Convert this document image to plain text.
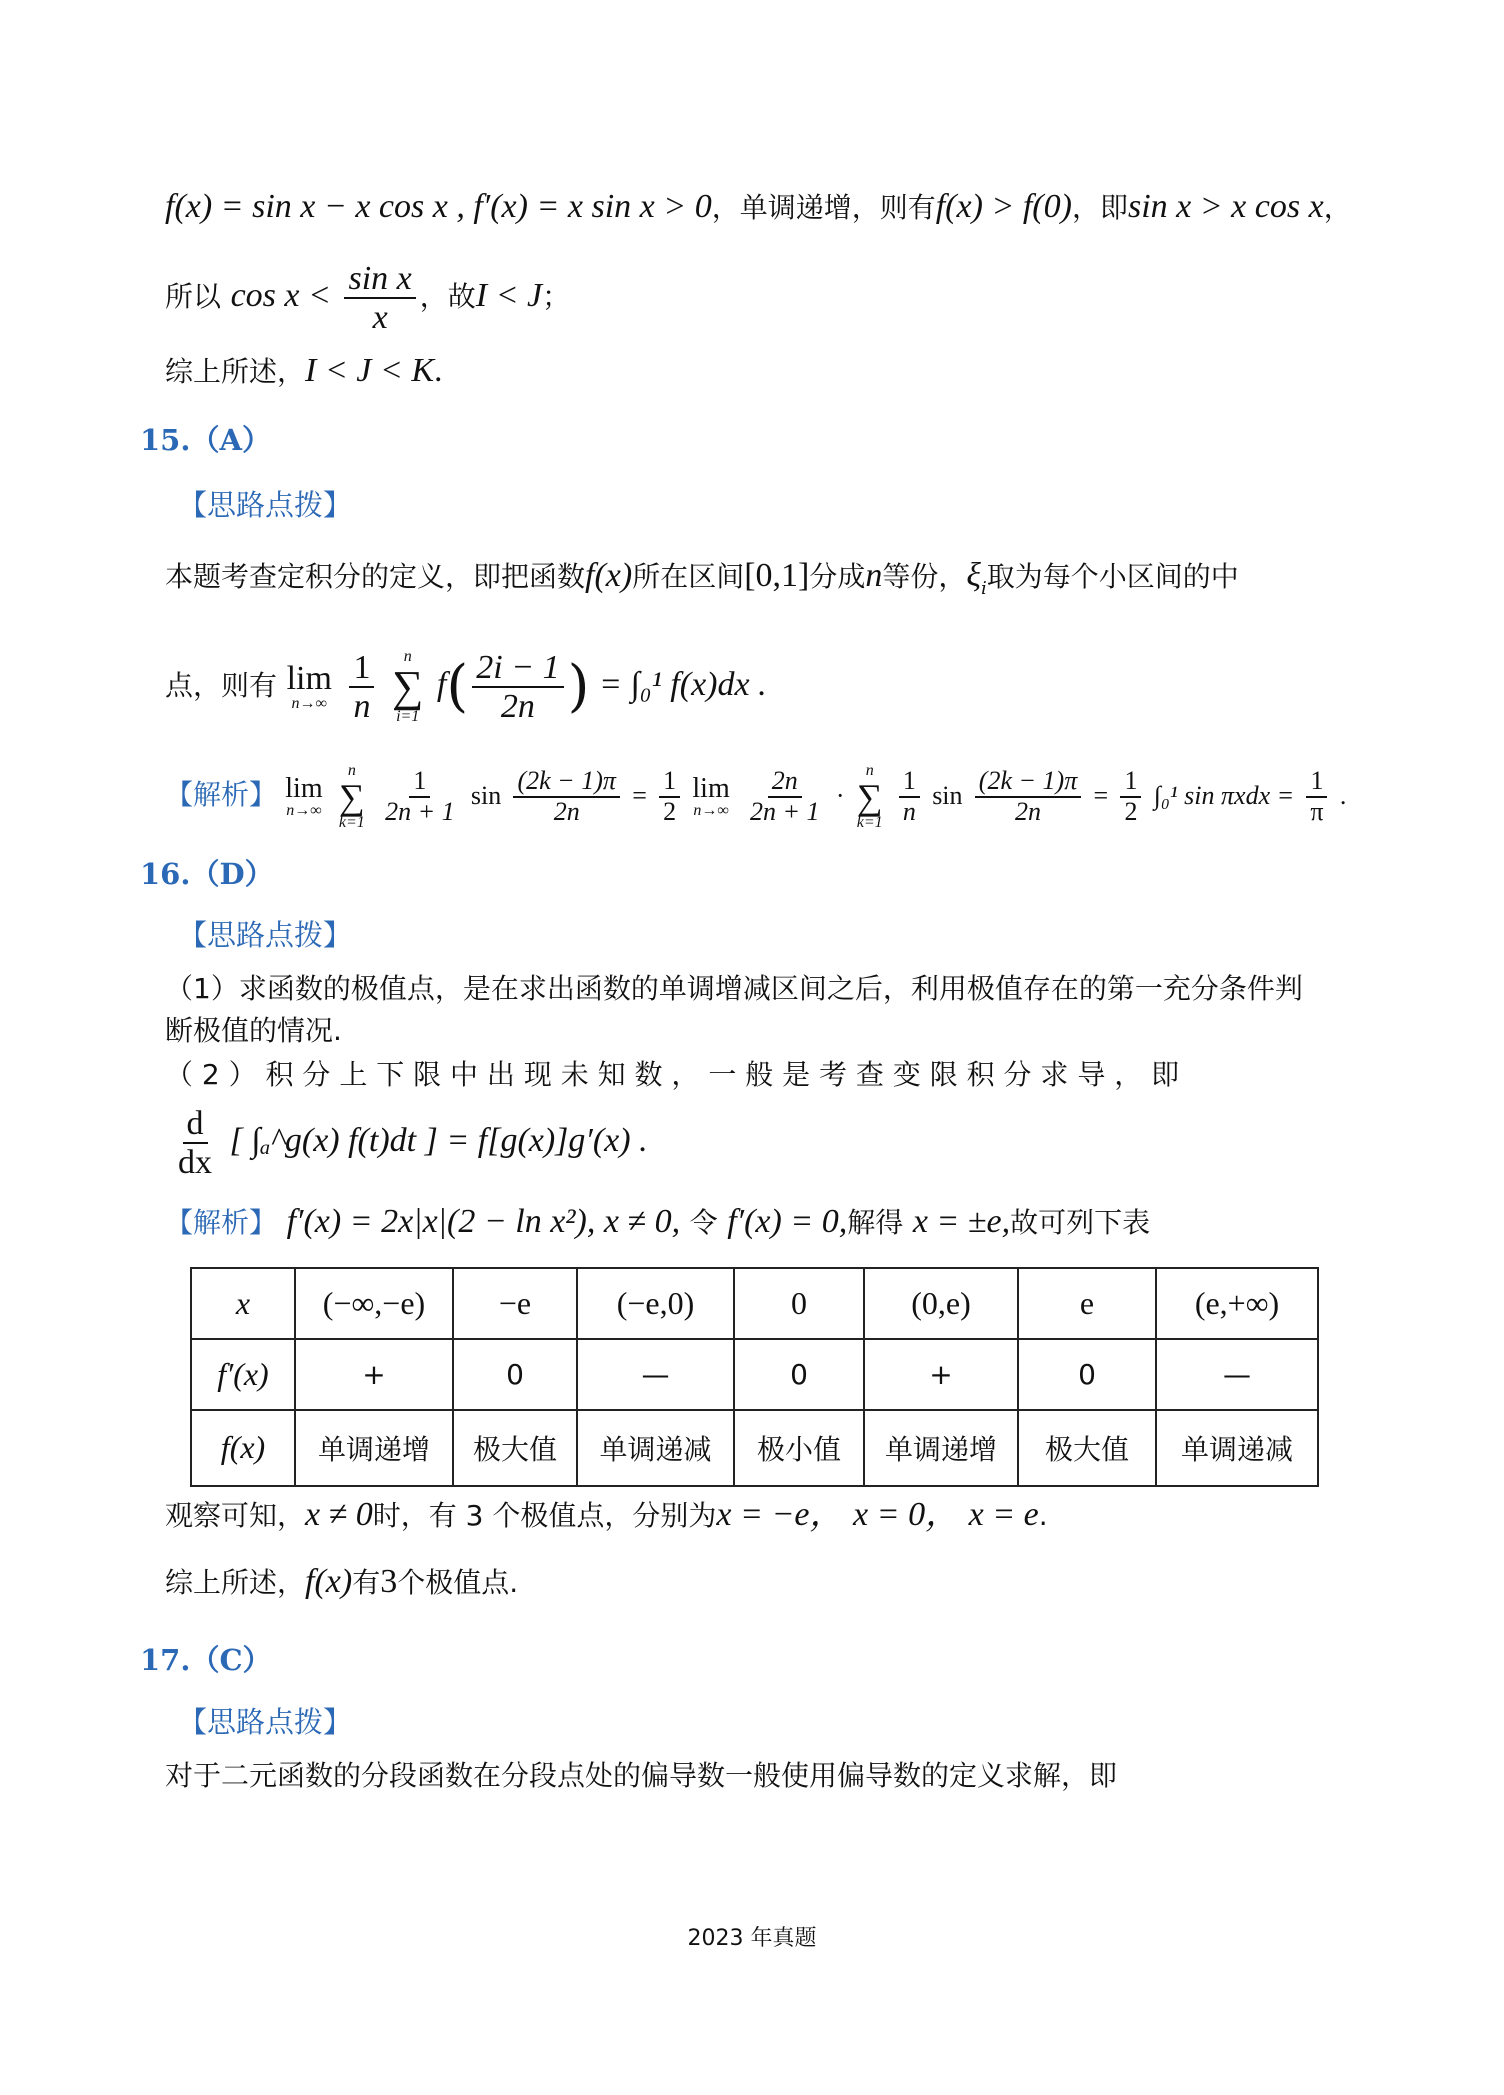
f(x) = sin x − x cos x , f′(x) = x sin x > 0，单调递增，则有f(x) > f(0)，即sin x > x cos x，
所以 $\cos x < \frac{\text{sin x}}{x}$ ，故I < J；
综上所述，I < J < K.
15.（A）
【思路点拨】
本题考查定积分的定义，即把函数f(x)所在区间[0,1]分成n等份，$\xi_i$取为每个小区间的中
点，则有 lim
n→∞
$\frac{1}{n}$
n
∑
i=1
$f( \frac{2i - 1}{2n}$ ) = ∫₀¹ f(x)dx .
【解析】 lim
n→∞

n
∑
k=1
$\frac{1}{2n + 1}$ $\sin \frac{(2k - 1)\pi}{2n} = \frac{1}{2}$
lim
n→∞
$\frac{2n}{2n + 1}$ ·
n
∑
k=1
$\frac{1}{n}$ $\sin \frac{(2k - 1)\pi}{2n} = \frac{1}{2} \int_0^1$ $\sin \pi xdx = \frac{1}{\pi}$ .
16.（D）
【思路点拨】
（1）求函数的极值点，是在求出函数的单调增减区间之后，利用极值存在的第一充分条件判
断极值的情况.
（ 2 ） 积 分 上 下 限 中 出 现 未 知 数 ， 一 般 是 考 查 变 限 积 分 求 导 ， 即
$\frac{d}{dx}$ [ ∫ₐ^g(x) f(t)dt ] = f[g(x)]g′(x) .
【解析】 f′(x) = 2x|x|(2 − ln x²), x ≠ 0, 令 f′(x) = 0,解得 x = ±e,故可列下表
x	(−∞,−e)	−e	(−e,0)	0	(0,e)	e	(e,+∞)
f′(x)	+	0	—	0	+	0	—
f(x)	单调递增	极大值	单调递减	极小值	单调递增	极大值	单调递减
观察可知，x ≠ 0时，有 3 个极值点，分别为x = −e， x = 0， x = e.
综上所述，f(x)有3个极值点.
17.（C）
【思路点拨】
对于二元函数的分段函数在分段点处的偏导数一般使用偏导数的定义求解，即
2023 年真题
